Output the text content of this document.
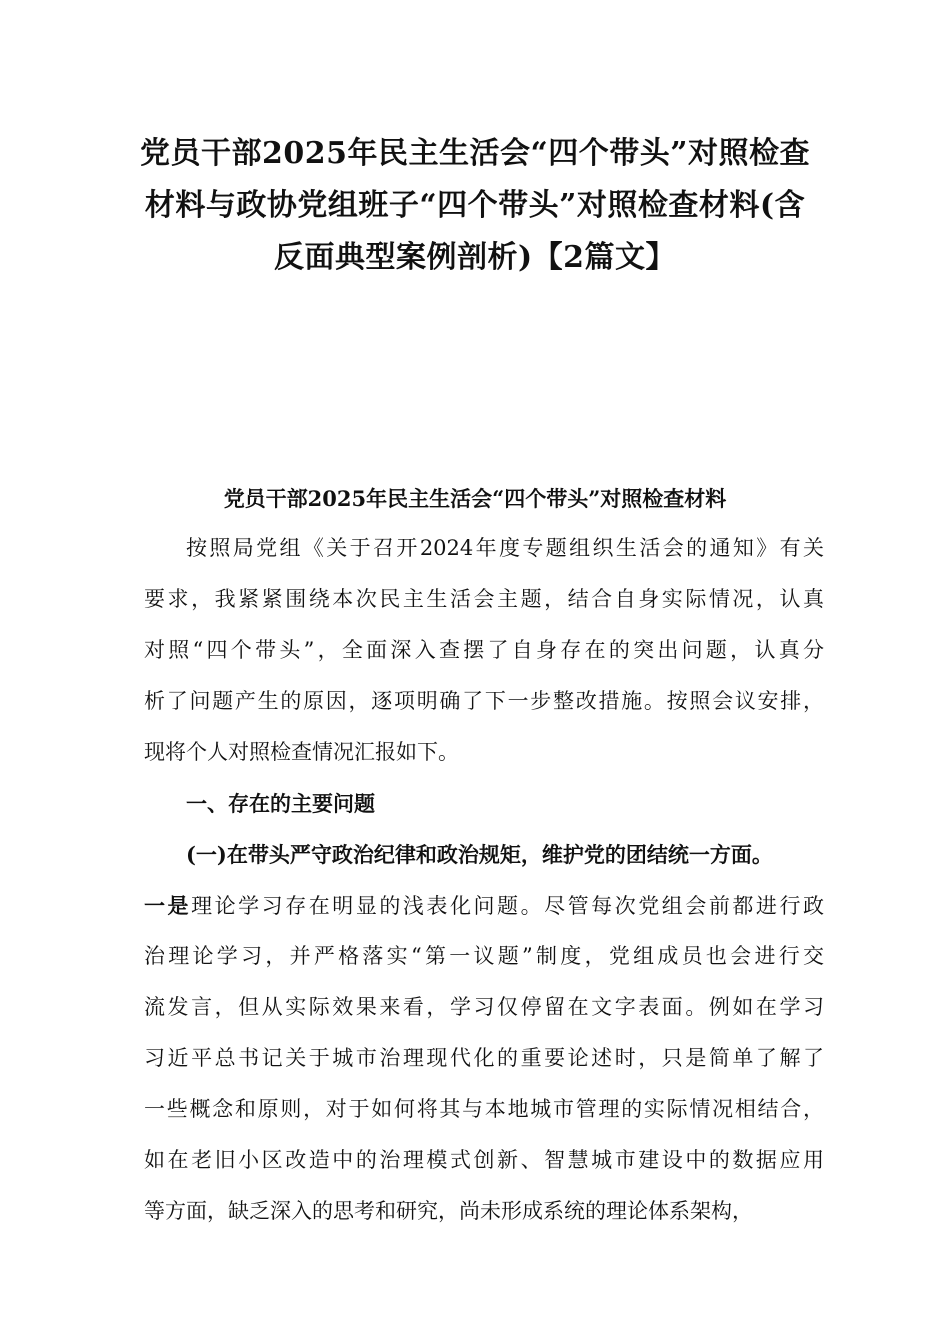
党员干部2025年民主生活会“四个带头”对照检查
材料与政协党组班子“四个带头”对照检查材料(含
反面典型案例剖析)【2篇文】
党员干部2025年民主生活会“四个带头”对照检查材料
按照局党组《关于召开2024年度专题组织生活会的通知》有关
要求，我紧紧围绕本次民主生活会主题，结合自身实际情况，认真
对照“四个带头”，全面深入查摆了自身存在的突出问题，认真分
析了问题产生的原因，逐项明确了下一步整改措施。按照会议安排，
现将个人对照检查情况汇报如下。
一、存在的主要问题
(一)在带头严守政治纪律和政治规矩，维护党的团结统一方面。
一是理论学习存在明显的浅表化问题。尽管每次党组会前都进行政
治理论学习，并严格落实“第一议题”制度，党组成员也会进行交
流发言，但从实际效果来看，学习仅停留在文字表面。例如在学习
习近平总书记关于城市治理现代化的重要论述时，只是简单了解了
一些概念和原则，对于如何将其与本地城市管理的实际情况相结合，
如在老旧小区改造中的治理模式创新、智慧城市建设中的数据应用
等方面，缺乏深入的思考和研究，尚未形成系统的理论体系架构，
